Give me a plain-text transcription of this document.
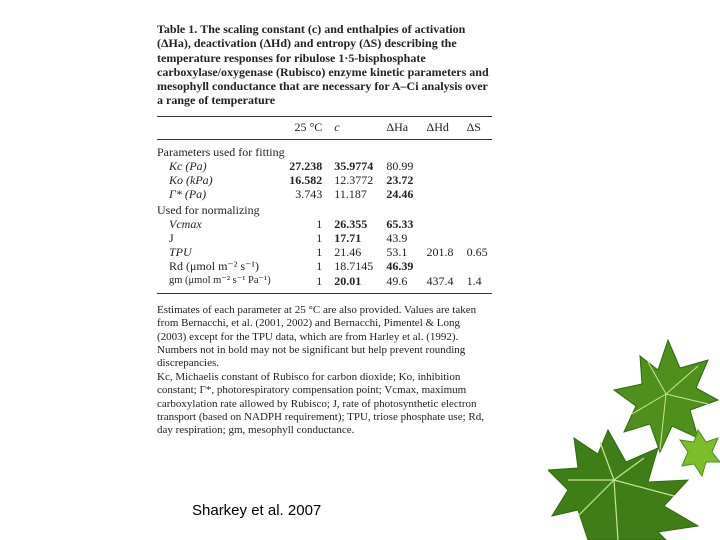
Table 1. The scaling constant (c) and enthalpies of activation (ΔHa), deactivation (ΔHd) and entropy (ΔS) describing the temperature responses for ribulose 1·5-bisphosphate carboxylase/oxygenase (Rubisco) enzyme kinetic parameters and mesophyll conductance that are necessary for A–Ci analysis over a range of temperature

	25 °C	c	ΔHa	ΔHd	ΔS

Parameters used for fitting					
Kc (Pa)	27.238	35.9774	80.99		
Ko (kPa)	16.582	12.3772	23.72		
Γ* (Pa)	3.743	11.187	24.46		
Used for normalizing					
Vcmax	1	26.355	65.33		
J	1	17.71	43.9		
TPU	1	21.46	53.1	201.8	0.65
Rd (μmol m⁻² s⁻¹)	1	18.7145	46.39		
gm (μmol m⁻² s⁻¹ Pa⁻¹)	1	20.01	49.6	437.4	1.4

Estimates of each parameter at 25 °C are also provided. Values are taken from Bernacchi, et al. (2001, 2002) and Bernacchi, Pimentel & Long (2003) except for the TPU data, which are from Harley et al. (1992). Numbers not in bold may not be significant but help prevent rounding discrepancies.

Kc, Michaelis constant of Rubisco for carbon dioxide; Ko, inhibition constant; Γ*, photorespiratory compensation point; Vcmax, maximum carboxylation rate allowed by Rubisco; J, rate of photosynthetic electron transport (based on NADPH requirement); TPU, triose phosphate use; Rd, day respiration; gm, mesophyll conductance.

Sharkey et al. 2007
